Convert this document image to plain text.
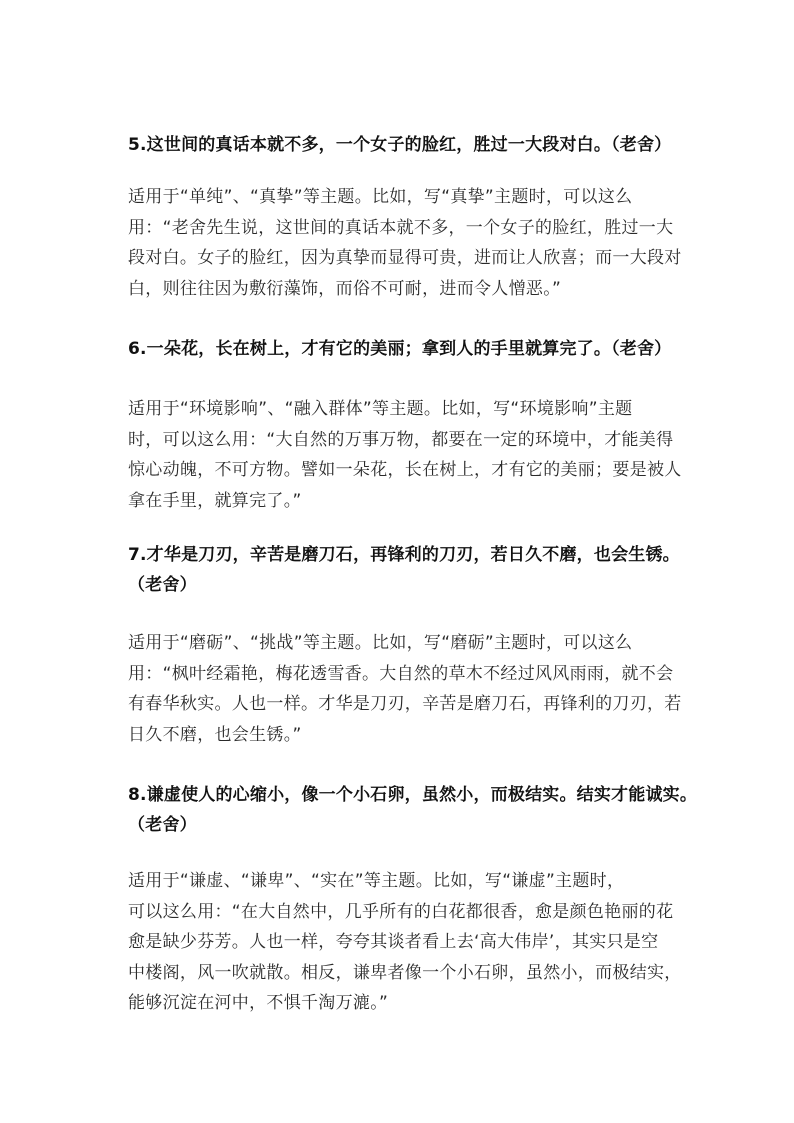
5.这世间的真话本就不多，一个女子的脸红，胜过一大段对白。（老舍）
适用于“单纯”、“真挚”等主题。比如，写“真挚”主题时，可以这么
用：“老舍先生说，这世间的真话本就不多，一个女子的脸红，胜过一大
段对白。女子的脸红，因为真挚而显得可贵，进而让人欣喜；而一大段对
白，则往往因为敷衍藻饰，而俗不可耐，进而令人憎恶。”
6.一朵花，长在树上，才有它的美丽；拿到人的手里就算完了。（老舍）
适用于“环境影响”、“融入群体”等主题。比如，写“环境影响”主题
时，可以这么用：“大自然的万事万物，都要在一定的环境中，才能美得
惊心动魄，不可方物。譬如一朵花，长在树上，才有它的美丽；要是被人
拿在手里，就算完了。”
7.才华是刀刃，辛苦是磨刀石，再锋利的刀刃，若日久不磨，也会生锈。
（老舍）
适用于“磨砺”、“挑战”等主题。比如，写“磨砺”主题时，可以这么
用：“枫叶经霜艳，梅花透雪香。大自然的草木不经过风风雨雨，就不会
有春华秋实。人也一样。才华是刀刃，辛苦是磨刀石，再锋利的刀刃，若
日久不磨，也会生锈。”
8.谦虚使人的心缩小，像一个小石卵，虽然小，而极结实。结实才能诚实。
（老舍）
适用于“谦虚、“谦卑”、“实在”等主题。比如，写“谦虚”主题时，
可以这么用：“在大自然中，几乎所有的白花都很香，愈是颜色艳丽的花
愈是缺少芬芳。人也一样，夸夸其谈者看上去‘高大伟岸’，其实只是空
中楼阁，风一吹就散。相反，谦卑者像一个小石卵，虽然小，而极结实，
能够沉淀在河中，不惧千淘万漉。”
